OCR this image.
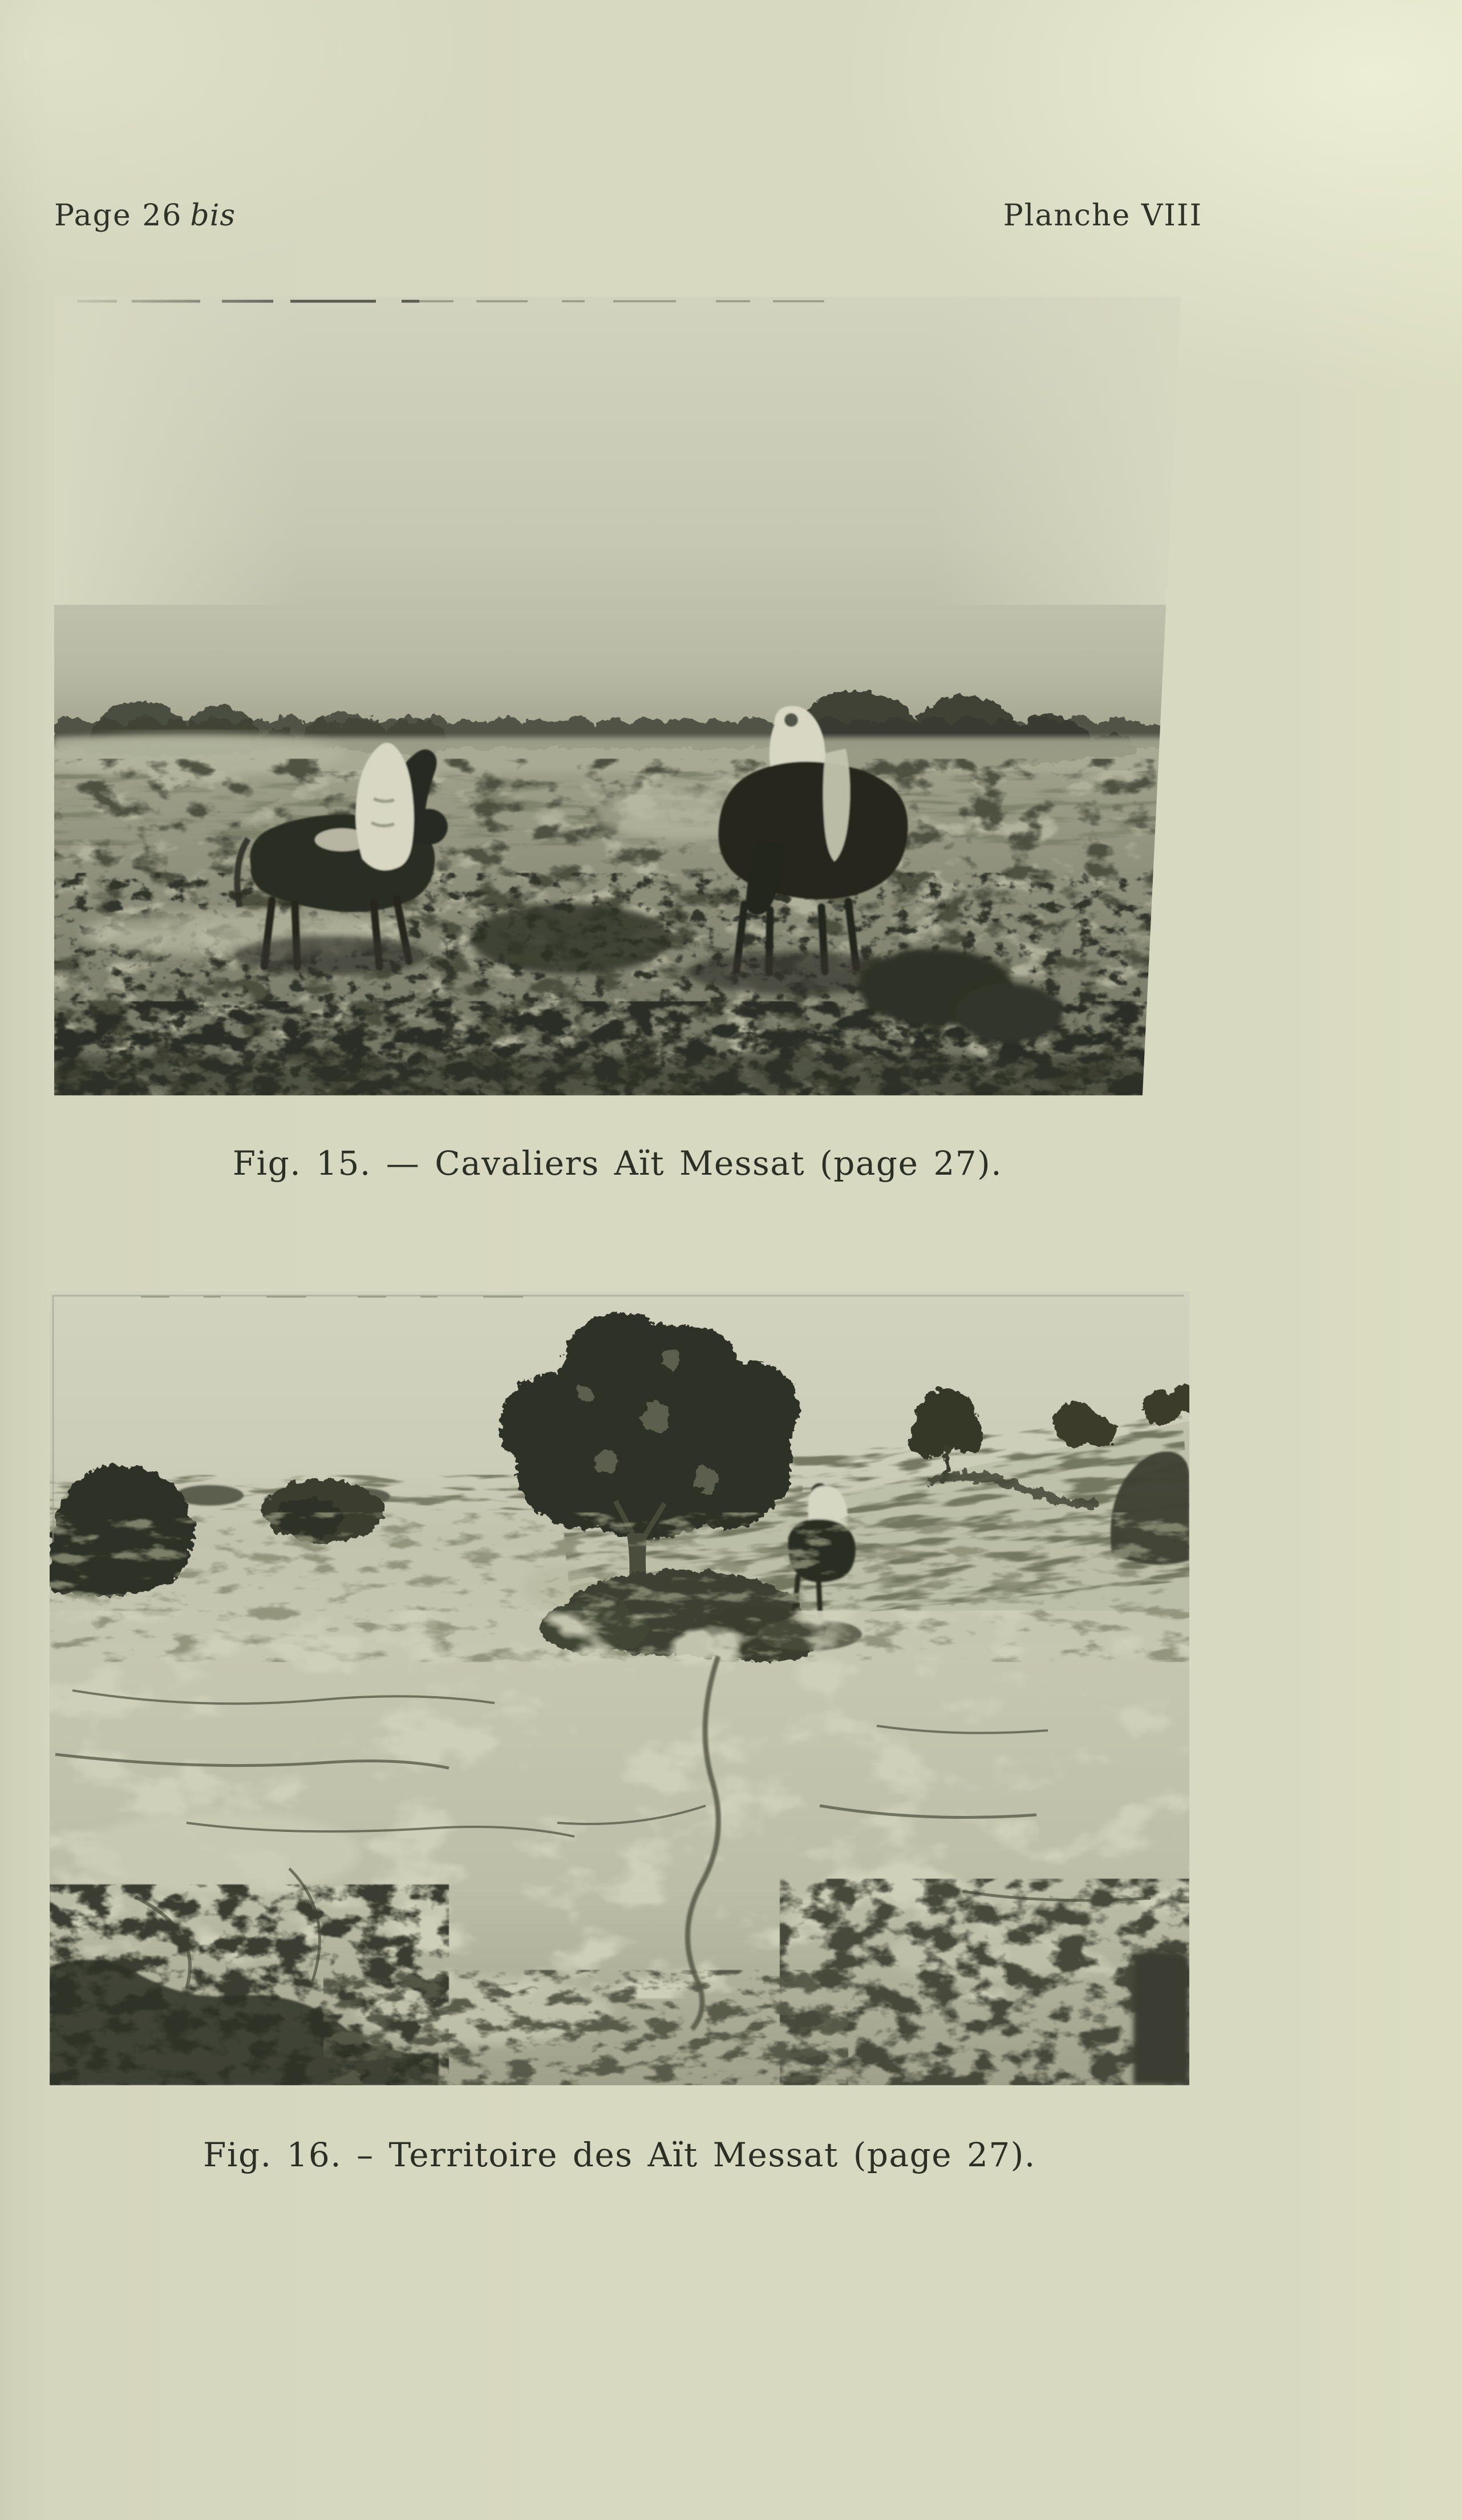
Page 26 bis	Planche VIII
Fig. 15. — Cavaliers Aït Messat (page 27).
Fig. 16. – Territoire des Aït Messat (page 27).
